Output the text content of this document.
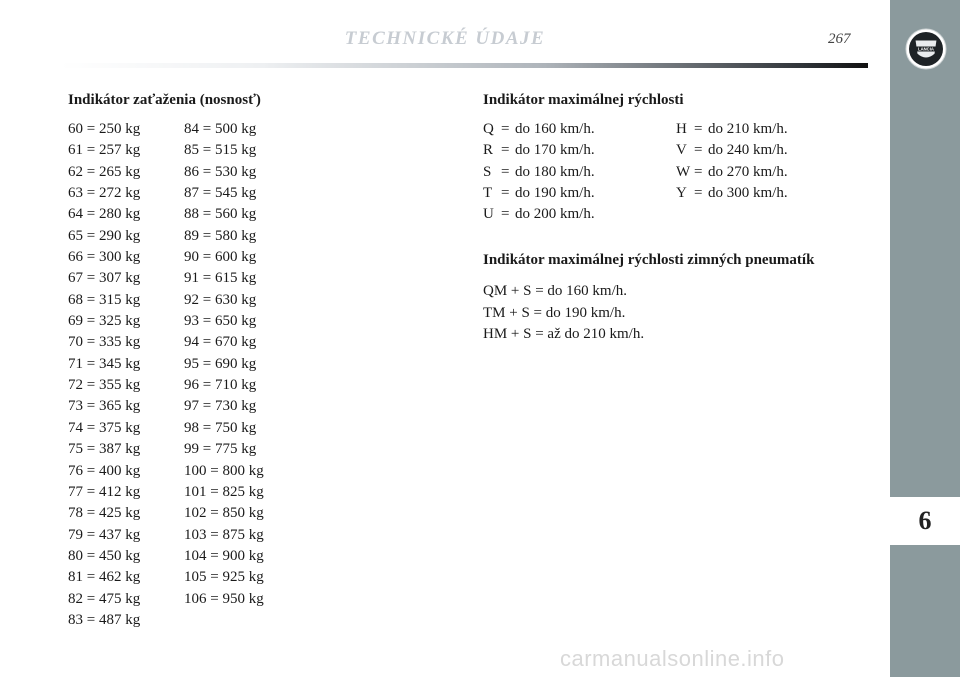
TECHNICKÉ ÚDAJE	267
LANCIA
6
Indikátor zaťaženia (nosnosť)
60 = 250 kg
61 = 257 kg
62 = 265 kg
63 = 272 kg
64 = 280 kg
65 = 290 kg
66 = 300 kg
67 = 307 kg
68 = 315 kg
69 = 325 kg
70 = 335 kg
71 = 345 kg
72 = 355 kg
73 = 365 kg
74 = 375 kg
75 = 387 kg
76 = 400 kg
77 = 412 kg
78 = 425 kg
79 = 437 kg
80 = 450 kg
81 = 462 kg
82 = 475 kg
83 = 487 kg
84 = 500 kg
85 = 515 kg
86 = 530 kg
87 = 545 kg
88 = 560 kg
89 = 580 kg
90 = 600 kg
91 = 615 kg
92 = 630 kg
93 = 650 kg
94 = 670 kg
95 = 690 kg
96 = 710 kg
97 = 730 kg
98 = 750 kg
99 = 775 kg
100 = 800 kg
101 = 825 kg
102 = 850 kg
103 = 875 kg
104 = 900 kg
105 = 925 kg
106 = 950 kg
Indikátor maximálnej rýchlosti
Q = do 160 km/h.
R = do 170 km/h.
S = do 180 km/h.
T = do 190 km/h.
U = do 200 km/h.
H = do 210 km/h.
V = do 240 km/h.
W = do 270 km/h.
Y = do 300 km/h.
Indikátor maximálnej rýchlosti zimných pneumatík
QM + S = do 160 km/h.
TM + S = do 190 km/h.
HM + S = až do 210 km/h.
carmanualsonline.info
